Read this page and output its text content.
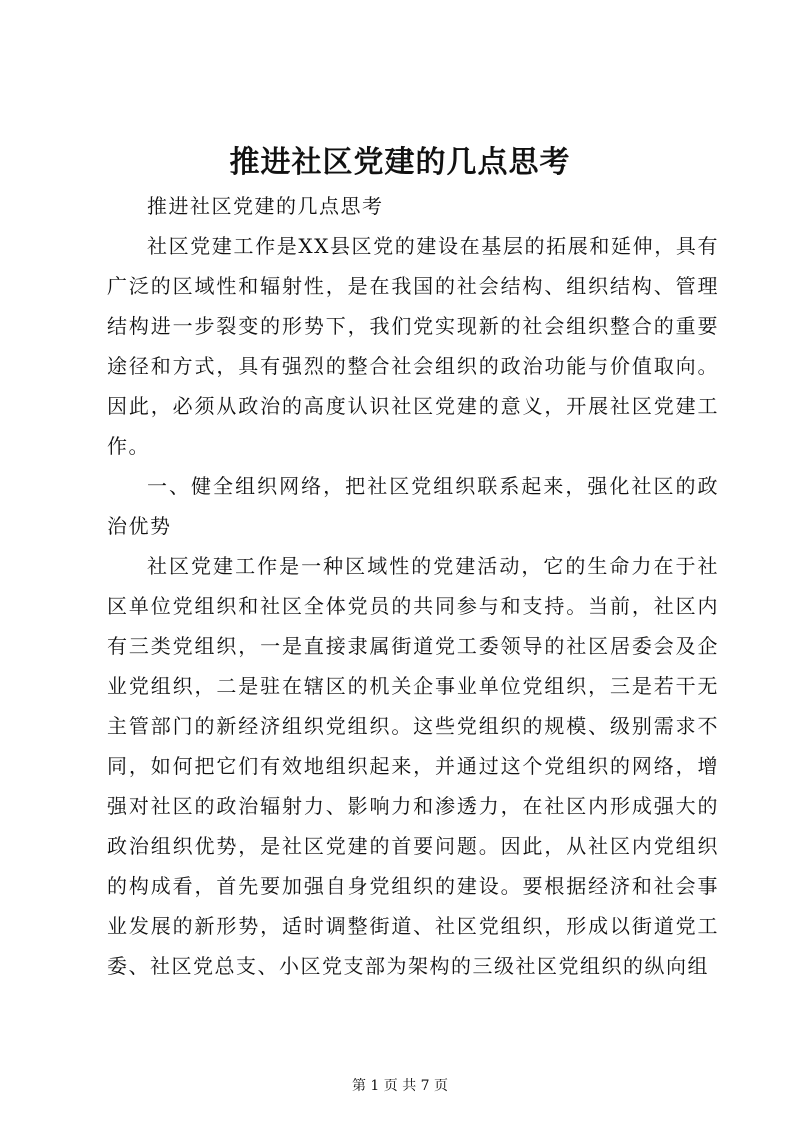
推进社区党建的几点思考

推进社区党建的几点思考

社区党建工作是XX县区党的建设在基层的拓展和延伸，具有广泛的区域性和辐射性，是在我国的社会结构、组织结构、管理结构进一步裂变的形势下，我们党实现新的社会组织整合的重要途径和方式，具有强烈的整合社会组织的政治功能与价值取向。因此，必须从政治的高度认识社区党建的意义，开展社区党建工作。

一、健全组织网络，把社区党组织联系起来，强化社区的政治优势

社区党建工作是一种区域性的党建活动，它的生命力在于社区单位党组织和社区全体党员的共同参与和支持。当前，社区内有三类党组织，一是直接隶属街道党工委领导的社区居委会及企业党组织，二是驻在辖区的机关企事业单位党组织，三是若干无主管部门的新经济组织党组织。这些党组织的规模、级别需求不同，如何把它们有效地组织起来，并通过这个党组织的网络，增强对社区的政治辐射力、影响力和渗透力，在社区内形成强大的政治组织优势，是社区党建的首要问题。因此，从社区内党组织的构成看，首先要加强自身党组织的建设。要根据经济和社会事业发展的新形势，适时调整街道、社区党组织，形成以街道党工委、社区党总支、小区党支部为架构的三级社区党组织的纵向组

第 1 页 共 7 页
